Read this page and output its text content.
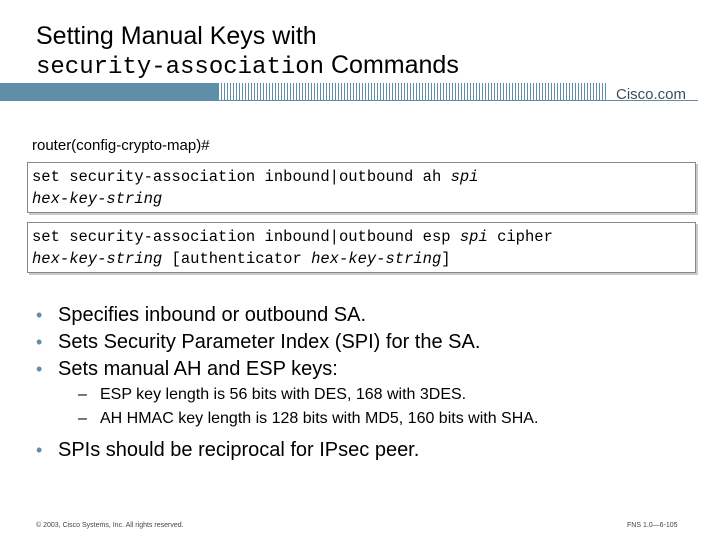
Setting Manual Keys with
security-association Commands
Cisco.com
router(config-crypto-map)#
set security-association inbound|outbound ah spi
hex-key-string
set security-association inbound|outbound esp spi cipher
hex-key-string [authenticator hex-key-string]
• Specifies inbound or outbound SA.
• Sets Security Parameter Index (SPI) for the SA.
• Sets manual AH and ESP keys:
– ESP key length is 56 bits with DES, 168 with 3DES.
– AH HMAC key length is 128 bits with MD5, 160 bits with SHA.
• SPIs should be reciprocal for IPsec peer.
© 2003, Cisco Systems, Inc. All rights reserved.	FNS 1.0—6-105
